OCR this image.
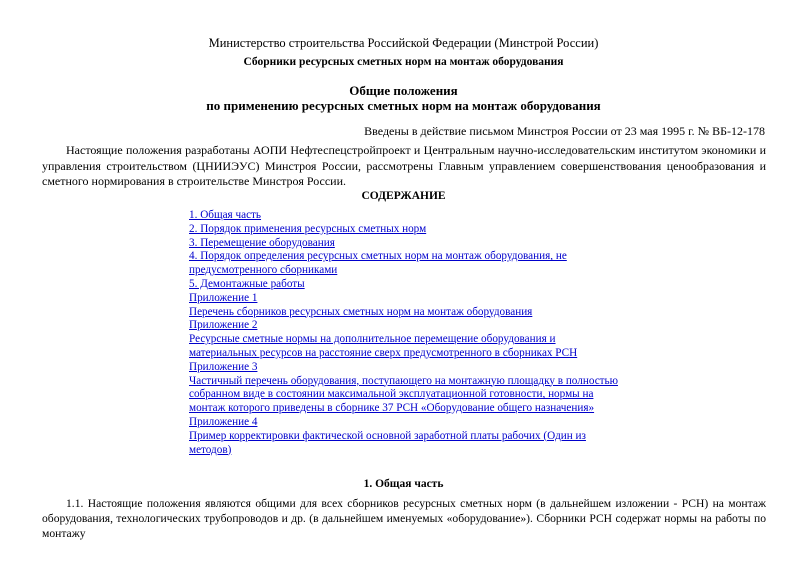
Министерство строительства Российской Федерации (Минстрой России)
Сборники ресурсных сметных норм на монтаж оборудования
Общие положения
по применению ресурсных сметных норм на монтаж оборудования
Введены в действие письмом Минстроя России от 23 мая 1995 г. № ВБ-12-178

Настоящие положения разработаны АОПИ Нефтеспецстройпроект и Центральным научно-исследовательским институтом экономики и управления строительством (ЦНИИЭУС) Минстроя России, рассмотрены Главным управлением совершенствования ценообразования и сметного нормирования в строительстве Минстроя России.

СОДЕРЖАНИЕ
1. Общая часть
2. Порядок применения ресурсных сметных норм
3. Перемещение оборудования
4. Порядок определения ресурсных сметных норм на монтаж оборудования, не
предусмотренного сборниками
5. Демонтажные работы
Приложение 1
Перечень сборников ресурсных сметных норм на монтаж оборудования
Приложение 2
Ресурсные сметные нормы на дополнительное перемещение оборудования и
материальных ресурсов на расстояние сверх предусмотренного в сборниках РСН
Приложение 3
Частичный перечень оборудования, поступающего на монтажную площадку в полностью
собранном виде в состоянии максимальной эксплуатационной готовности, нормы на
монтаж которого приведены в сборнике 37 РСН «Оборудование общего назначения»
Приложение 4
Пример корректировки фактической основной заработной платы рабочих (Один из
методов)
1. Общая часть

1.1. Настоящие положения являются общими для всех сборников ресурсных сметных норм (в дальнейшем изложении - РСН) на монтаж оборудования, технологических трубопроводов и др. (в дальнейшем именуемых «оборудование»). Сборники РСН содержат нормы на работы по монтажу
